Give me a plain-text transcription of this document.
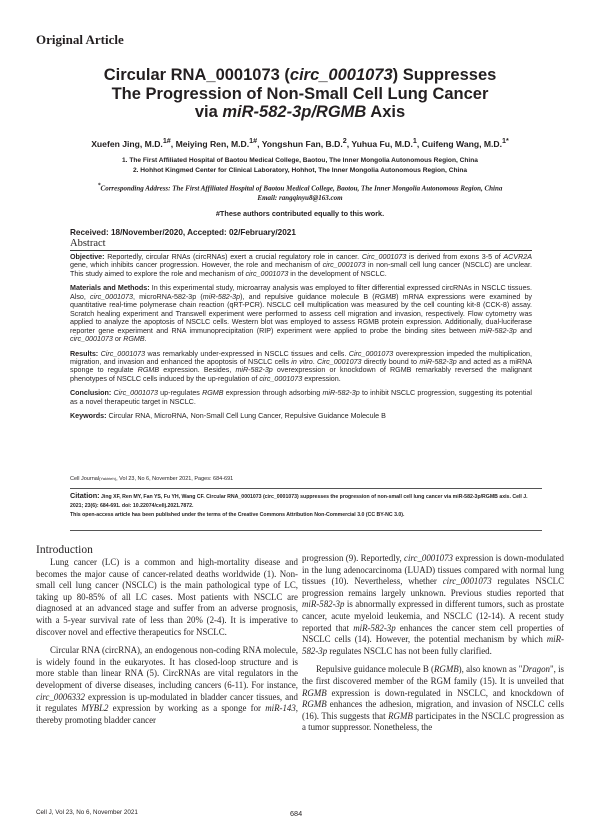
Original Article
Circular RNA_0001073 (circ_0001073) Suppresses
The Progression of Non-Small Cell Lung Cancer
via miR-582-3p/RGMB Axis
Xuefen Jing, M.D.$^{1\#}$, Meiying Ren, M.D.$^{1\#}$, Yongshun Fan, B.D.$^2$, Yuhua Fu, M.D.$^1$, Cuifeng Wang, M.D.$^{1*}$
1. The First Affiliated Hospital of Baotou Medical College, Baotou, The Inner Mongolia Autonomous Region, China
2. Hohhot Kingmed Center for Clinical Laboratory, Hohhot, The Inner Mongolia Autonomous Region, China
*Corresponding Address: The First Affiliated Hospital of Baotou Medical College, Baotou, The Inner Mongolia Autonomous Region, China
Email: rangqinyu8@163.com
#These authors contributed equally to this work.
Received: 18/November/2020, Accepted: 02/February/2021
Abstract

Objective: Reportedly, circular RNAs (circRNAs) exert a crucial regulatory role in cancer. Circ_0001073 is derived from exons 3-5 of ACVR2A gene, which inhibits cancer progression. However, the role and mechanism of circ_0001073 in non-small cell lung cancer (NSCLC) are unclear. This study aimed to explore the role and mechanism of circ_0001073 in the development of NSCLC.

Materials and Methods: In this experimental study, microarray analysis was employed to filter differential expressed circRNAs in NSCLC tissues. Also, circ_0001073, microRNA-582-3p (miR-582-3p), and repulsive guidance molecule B (RGMB) mRNA expressions were examined by quantitative real-time polymerase chain reaction (qRT-PCR). NSCLC cell multiplication was measured by the cell counting kit-8 (CCK-8) assay. Scratch healing experiment and Transwell experiment were performed to assess cell migration and invasion, respectively. Flow cytometry was applied to analyze the apoptosis of NSCLC cells. Western blot was employed to assess RGMB protein expression. Additionally, dual-luciferase reporter gene experiment and RNA immunoprecipitation (RIP) experiment were applied to probe the binding sites between miR-582-3p and circ_0001073 or RGMB.

Results: Circ_0001073 was remarkably under-expressed in NSCLC tissues and cells. Circ_0001073 overexpression impeded the multiplication, migration, and invasion and enhanced the apoptosis of NSCLC cells in vitro. Circ_0001073 directly bound to miR-582-3p and acted as a miRNA sponge to regulate RGMB expression. Besides, miR-582-3p overexpression or knockdown of RGMB remarkably reversed the malignant phenotypes of NSCLC cells induced by the up-regulation of circ_0001073 expression.

Conclusion: Circ_0001073 up-regulates RGMB expression through adsorbing miR-582-3p to inhibit NSCLC progression, suggesting its potential as a novel therapeutic target in NSCLC.

Keywords: Circular RNA, MicroRNA, Non-Small Cell Lung Cancer, Repulsive Guidance Molecule B

Cell Journal(Yakhteh), Vol 23, No 6, November 2021, Pages: 684-691
Citation: Jing XF, Ren MY, Fan YS, Fu YH, Wang CF. Circular RNA_0001073 (circ_0001073) suppresses the progression of non-small cell lung cancer via miR-582-3p/RGMB axis. Cell J. 2021; 23(6): 684-691. doi: 10.22074/cellj.2021.7872.
This open-access article has been published under the terms of the Creative Commons Attribution Non-Commercial 3.0 (CC BY-NC 3.0).
Introduction

Lung cancer (LC) is a common and high-mortality disease and becomes the major cause of cancer-related deaths worldwide (1). Non-small cell lung cancer (NSCLC) is the main pathological type of LC, taking up 80-85% of all LC cases. Most patients with NSCLC are diagnosed at an advanced stage and suffer from an adverse prognosis, with a 5-year survival rate of less than 20% (2-4). It is imperative to discover novel and effective therapeutics for NSCLC.

Circular RNA (circRNA), an endogenous non-coding RNA molecule, is widely found in the eukaryotes. It has closed-loop structure and is more stable than linear RNA (5). CircRNAs are vital regulators in the development of diverse diseases, including cancers (6-11). For instance, circ_0006332 expression is up-modulated in bladder cancer tissues, and it regulates MYBL2 expression by working as a sponge for miR-143, thereby promoting bladder cancer

progression (9). Reportedly, circ_0001073 expression is down-modulated in the lung adenocarcinoma (LUAD) tissues compared with normal lung tissues (10). Nevertheless, whether circ_0001073 regulates NSCLC progression remains largely unknown. Previous studies reported that miR-582-3p is abnormally expressed in different tumors, such as prostate cancer, acute myeloid leukemia, and NSCLC (12-14). A recent study reported that miR-582-3p enhances the cancer stem cell properties of NSCLC cells (14). However, the potential mechanism by which miR-582-3p regulates NSCLC has not been fully clarified.

Repulsive guidance molecule B (RGMB), also known as "Dragon", is the first discovered member of the RGM family (15). It is unveiled that RGMB expression is down-regulated in NSCLC, and knockdown of RGMB enhances the adhesion, migration, and invasion of NSCLC cells (16). This suggests that RGMB participates in the NSCLC progression as a tumor suppressor. Nonetheless, the

Cell J, Vol 23, No 6, November 2021	684
